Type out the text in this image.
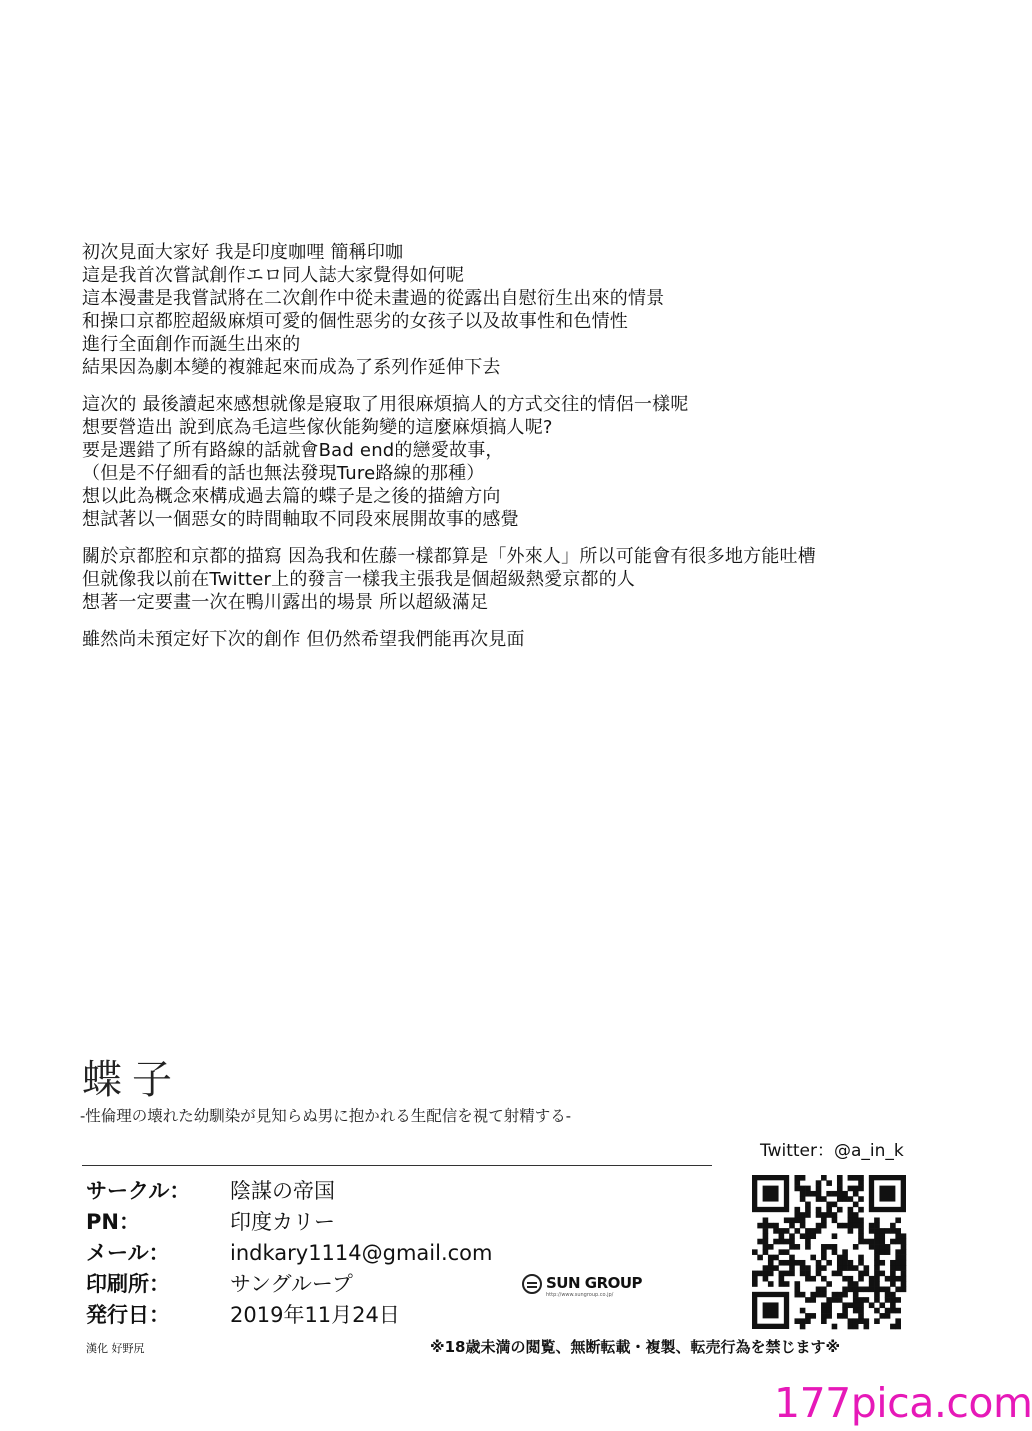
初次見面大家好 我是印度咖哩 簡稱印咖
這是我首次嘗試創作エロ同人誌大家覺得如何呢
這本漫畫是我嘗試將在二次創作中從未畫過的從露出自慰衍生出來的情景
和操口京都腔超級麻煩可愛的個性惡劣的女孩子以及故事性和色情性
進行全面創作而誕生出來的
結果因為劇本變的複雜起來而成為了系列作延伸下去
這次的 最後讀起來感想就像是寢取了用很麻煩搞人的方式交往的情侶一樣呢
想要營造出 說到底為毛這些傢伙能夠變的這麼麻煩搞人呢?
要是選錯了所有路線的話就會Bad end的戀愛故事，
（但是不仔細看的話也無法發現Ture路線的那種）
想以此為概念來構成過去篇的蝶子是之後的描繪方向
想試著以一個惡女的時間軸取不同段來展開故事的感覺
關於京都腔和京都的描寫 因為我和佐藤一樣都算是「外來人」所以可能會有很多地方能吐槽
但就像我以前在Twitter上的發言一樣我主張我是個超級熱愛京都的人
想著一定要畫一次在鴨川露出的場景 所以超級滿足
雖然尚未預定好下次的創作 但仍然希望我們能再次見面
蝶子
-性倫理の壊れた幼馴染が見知らぬ男に抱かれる生配信を視て射精する-
Twitter：@a_in_k
サークル： 陰謀の帝国
PN：	印度カリー
メール：	indkary1114@gmail.com
印刷所：	サングループ	SUN GROUP
http://www.sungroup.co.jp/
発行日：	2019年11月24日
漢化 好野尻	※18歳未満の閲覧、無断転載・複製、転売行為を禁じます※
177pica.com
